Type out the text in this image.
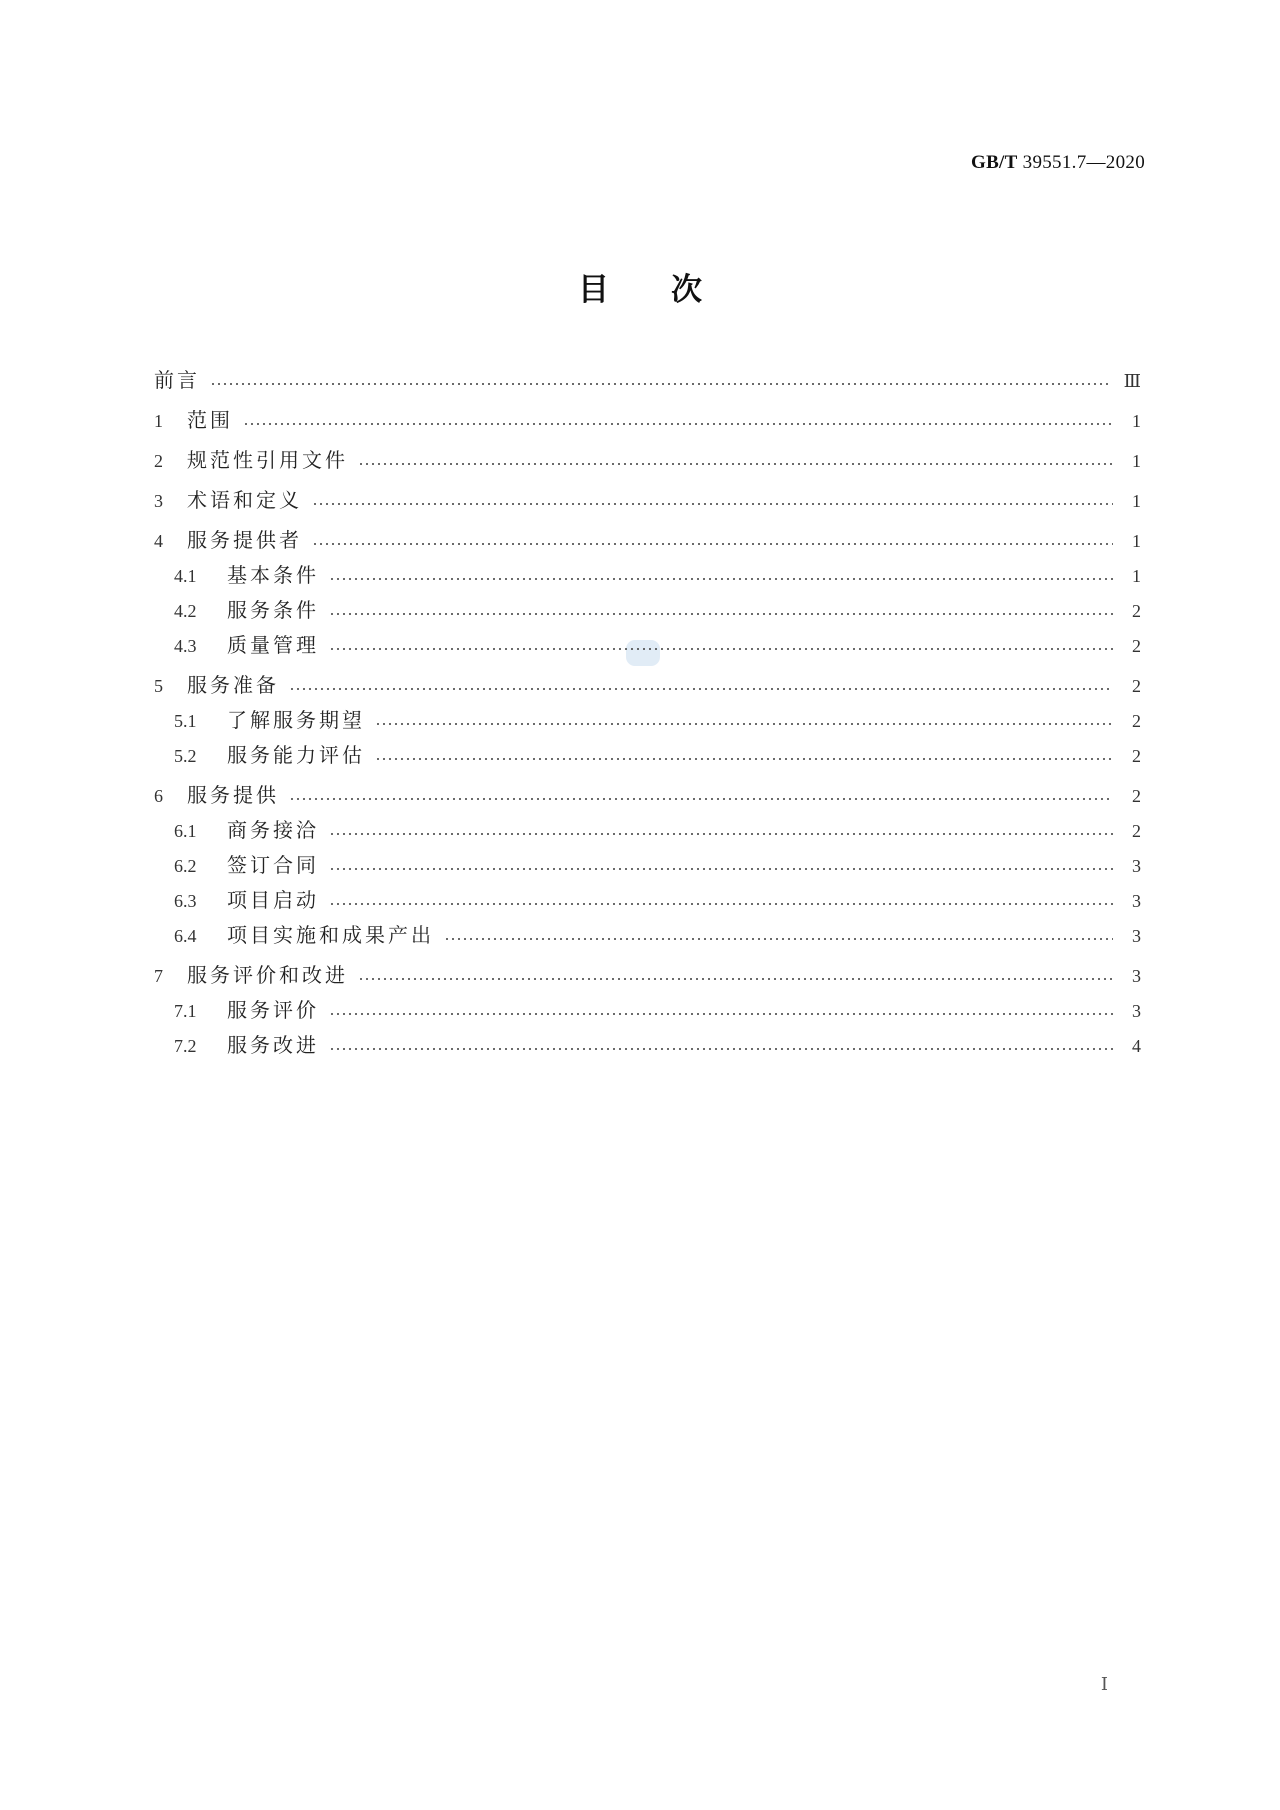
GB/T 39551.7—2020
目次
前言	Ⅲ
1	范围	1
2	规范性引用文件	1
3	术语和定义	1
4	服务提供者	1
4.1	基本条件	1
4.2	服务条件	2
4.3	质量管理	2
5	服务准备	2
5.1	了解服务期望	2
5.2	服务能力评估	2
6	服务提供	2
6.1	商务接洽	2
6.2	签订合同	3
6.3	项目启动	3
6.4	项目实施和成果产出	3
7	服务评价和改进	3
7.1	服务评价	3
7.2	服务改进	4
Ⅰ
